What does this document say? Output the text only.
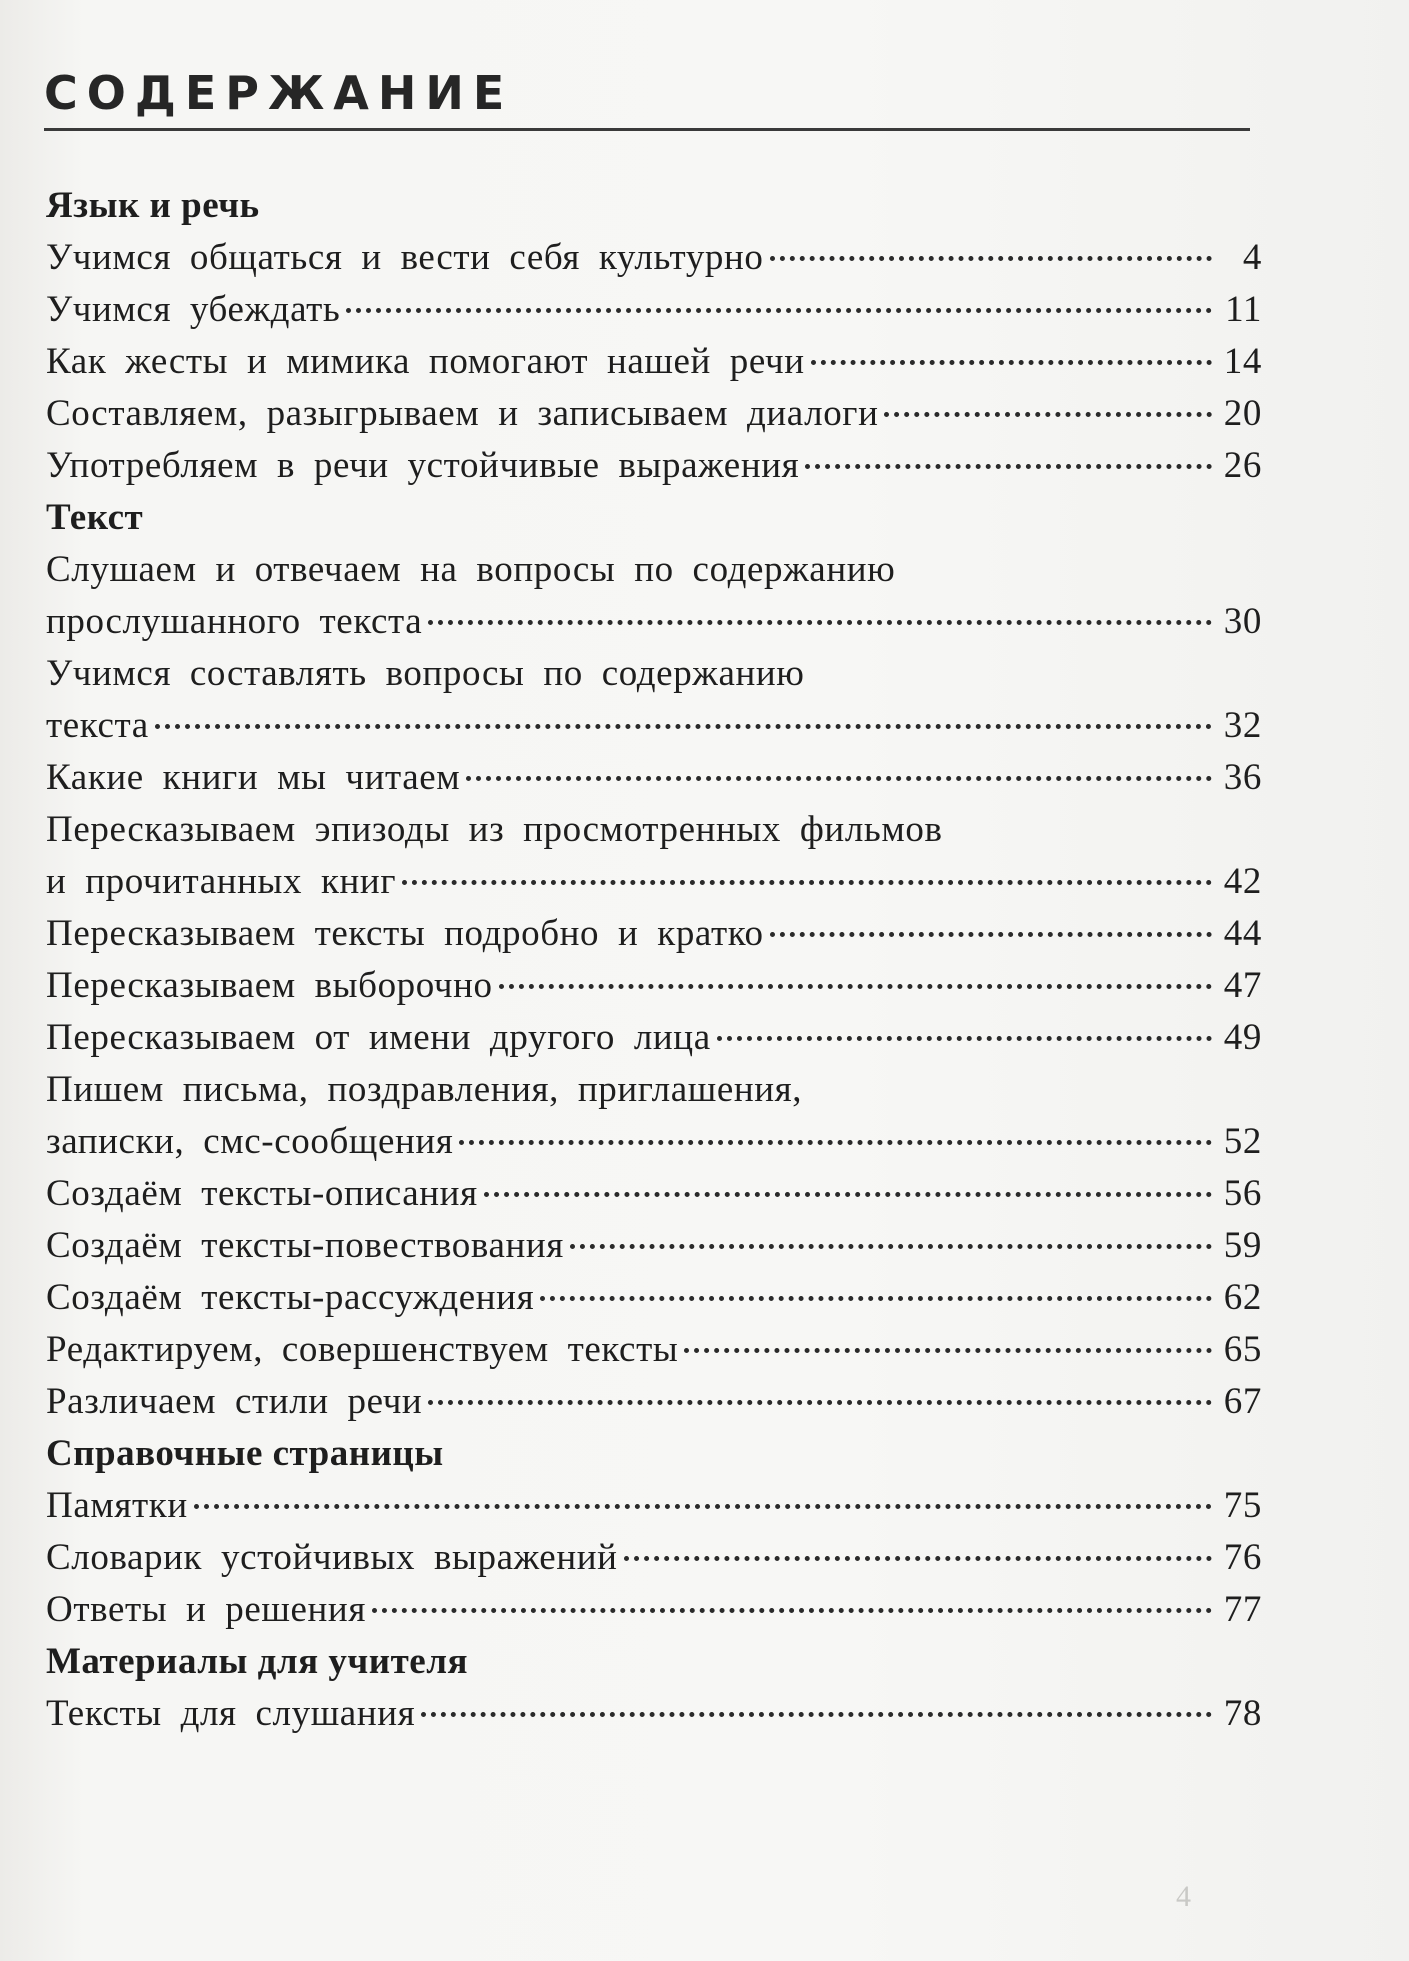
СОДЕРЖАНИЕ
Язык и речь
Учимся общаться и вести себя культурно	4
Учимся убеждать	11
Как жесты и мимика помогают нашей речи	14
Составляем, разыгрываем и записываем диалоги	20
Употребляем в речи устойчивые выражения	26
Текст
Слушаем и отвечаем на вопросы по содержанию
прослушанного текста	30
Учимся составлять вопросы по содержанию
текста	32
Какие книги мы читаем	36
Пересказываем эпизоды из просмотренных фильмов
и прочитанных книг	42
Пересказываем тексты подробно и кратко	44
Пересказываем выборочно	47
Пересказываем от имени другого лица	49
Пишем письма, поздравления, приглашения,
записки, смс-сообщения	52
Создаём тексты-описания	56
Создаём тексты-повествования	59
Создаём тексты-рассуждения	62
Редактируем, совершенствуем тексты	65
Различаем стили речи	67
Справочные страницы
Памятки	75
Словарик устойчивых выражений	76
Ответы и решения	77
Материалы для учителя
Тексты для слушания	78
4
